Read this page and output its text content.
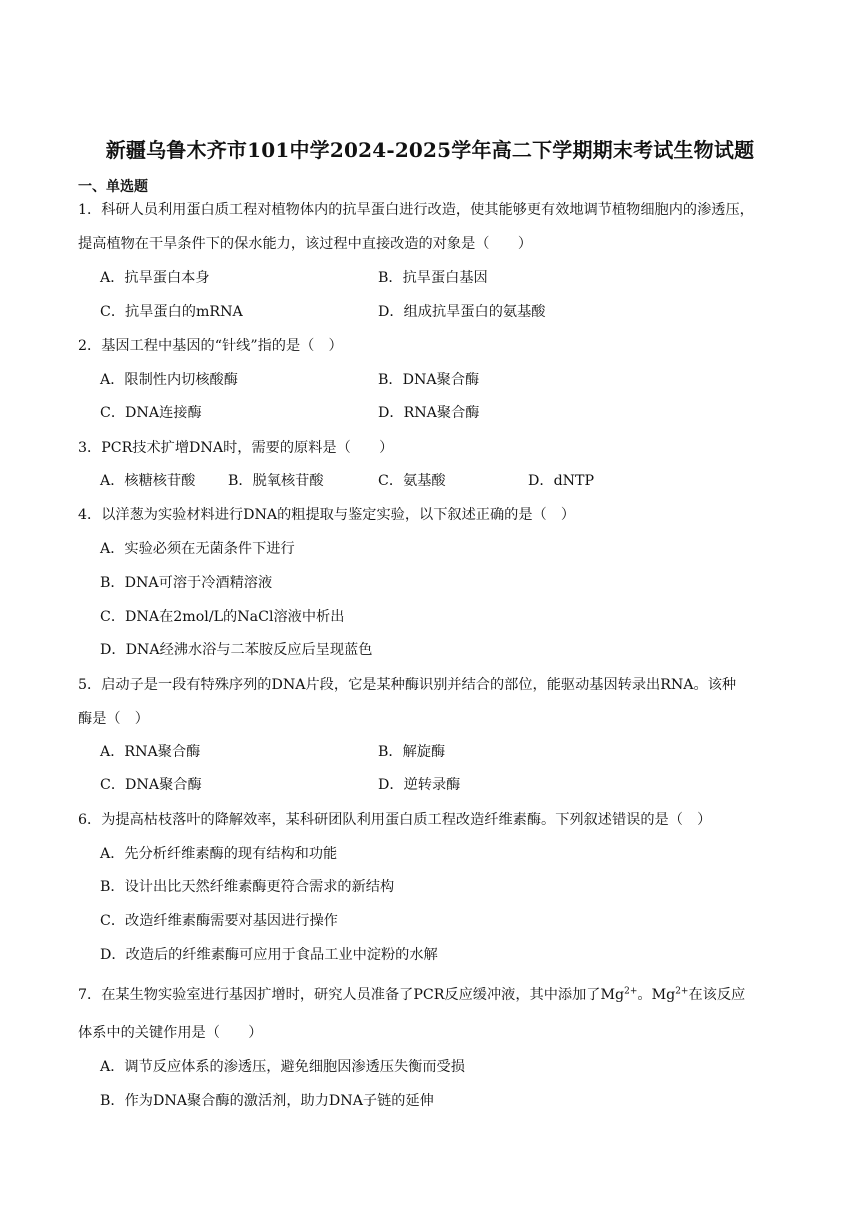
新疆乌鲁木齐市101中学2024-2025学年高二下学期期末考试生物试题
一、单选题
1．科研人员利用蛋白质工程对植物体内的抗旱蛋白进行改造，使其能够更有效地调节植物细胞内的渗透压，
提高植物在干旱条件下的保水能力，该过程中直接改造的对象是（　　）
A．抗旱蛋白本身	B．抗旱蛋白基因
C．抗旱蛋白的mRNA	D．组成抗旱蛋白的氨基酸
2．基因工程中基因的“针线”指的是（　）
A．限制性内切核酸酶	B．DNA聚合酶
C．DNA连接酶	D．RNA聚合酶
3．PCR技术扩增DNA时，需要的原料是（　　）
A．核糖核苷酸 B．脱氧核苷酸	C．氨基酸	D．dNTP
4．以洋葱为实验材料进行DNA的粗提取与鉴定实验，以下叙述正确的是（　）
A．实验必须在无菌条件下进行
B．DNA可溶于冷酒精溶液
C．DNA在2mol/L的NaCl溶液中析出
D．DNA经沸水浴与二苯胺反应后呈现蓝色
5．启动子是一段有特殊序列的DNA片段，它是某种酶识别并结合的部位，能驱动基因转录出RNA。该种
酶是（　）
A．RNA聚合酶	B．解旋酶
C．DNA聚合酶	D．逆转录酶
6．为提高枯枝落叶的降解效率，某科研团队利用蛋白质工程改造纤维素酶。下列叙述错误的是（　）
A．先分析纤维素酶的现有结构和功能
B．设计出比天然纤维素酶更符合需求的新结构
C．改造纤维素酶需要对基因进行操作
D．改造后的纤维素酶可应用于食品工业中淀粉的水解
7．在某生物实验室进行基因扩增时，研究人员准备了PCR反应缓冲液，其中添加了$Mg^{2+}$。$Mg^{2+}$在该反应
体系中的关键作用是（　　）
A．调节反应体系的渗透压，避免细胞因渗透压失衡而受损
B．作为DNA聚合酶的激活剂，助力DNA子链的延伸
